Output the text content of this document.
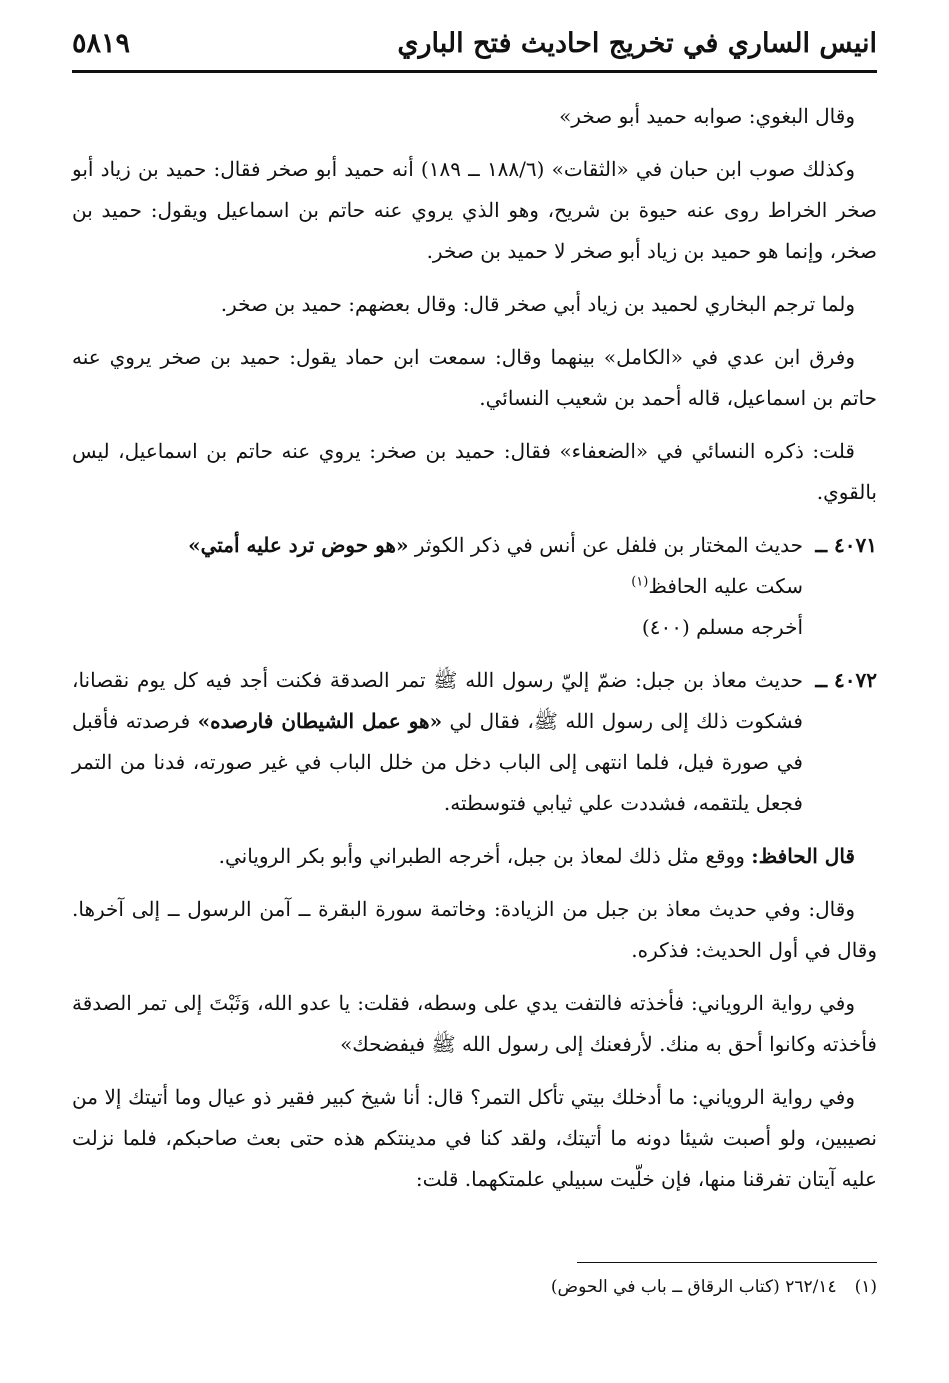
انيس الساري في تخريج احاديث فتح الباري
٥٨١٩

وقال البغوي: صوابه حميد أبو صخر»

وكذلك صوب ابن حبان في «الثقات» (١٨٨/٦ ــ ١٨٩) أنه حميد أبو صخر فقال: حميد بن زياد أبو صخر الخراط روى عنه حيوة بن شريح، وهو الذي يروي عنه حاتم بن اسماعيل ويقول: حميد بن صخر، وإنما هو حميد بن زياد أبو صخر لا حميد بن صخر.

ولما ترجم البخاري لحميد بن زياد أبي صخر قال: وقال بعضهم: حميد بن صخر.

وفرق ابن عدي في «الكامل» بينهما وقال: سمعت ابن حماد يقول: حميد بن صخر يروي عنه حاتم بن اسماعيل، قاله أحمد بن شعيب النسائي.

قلت: ذكره النسائي في «الضعفاء» فقال: حميد بن صخر: يروي عنه حاتم بن اسماعيل، ليس بالقوي.

٤٠٧١ ــ
حديث المختار بن فلفل عن أنس في ذكر الكوثر «هو حوض ترد عليه أمتي»
سكت عليه الحافظ$^{(١)}$
أخرجه مسلم (٤٠٠)
٤٠٧٢ ــ
حديث معاذ بن جبل: ضمّ إليّ رسول الله ﷺ تمر الصدقة فكنت أجد فيه كل يوم نقصانا، فشكوت ذلك إلى رسول الله ﷺ، فقال لي «هو عمل الشيطان فارصده» فرصدته فأقبل في صورة فيل، فلما انتهى إلى الباب دخل من خلل الباب في غير صورته، فدنا من التمر فجعل يلتقمه، فشددت علي ثيابي فتوسطته.

قال الحافظ: ووقع مثل ذلك لمعاذ بن جبل، أخرجه الطبراني وأبو بكر الروياني.

وقال: وفي حديث معاذ بن جبل من الزيادة: وخاتمة سورة البقرة ــ آمن الرسول ــ إلى آخرها. وقال في أول الحديث: فذكره.

وفي رواية الروياني: فأخذته فالتفت يدي على وسطه، فقلت: يا عدو الله، وَثَبْتَ إلى تمر الصدقة فأخذته وكانوا أحق به منك. لأرفعنك إلى رسول الله ﷺ فيفضحك»

وفي رواية الروياني: ما أدخلك بيتي تأكل التمر؟ قال: أنا شيخ كبير فقير ذو عيال وما أتيتك إلا من نصيبين، ولو أصبت شيئا دونه ما أتيتك، ولقد كنا في مدينتكم هذه حتى بعث صاحبكم، فلما نزلت عليه آيتان تفرقنا منها، فإن خلّيت سبيلي علمتكهما. قلت:

(١)٢٦٢/١٤ (كتاب الرقاق ــ باب في الحوض)
